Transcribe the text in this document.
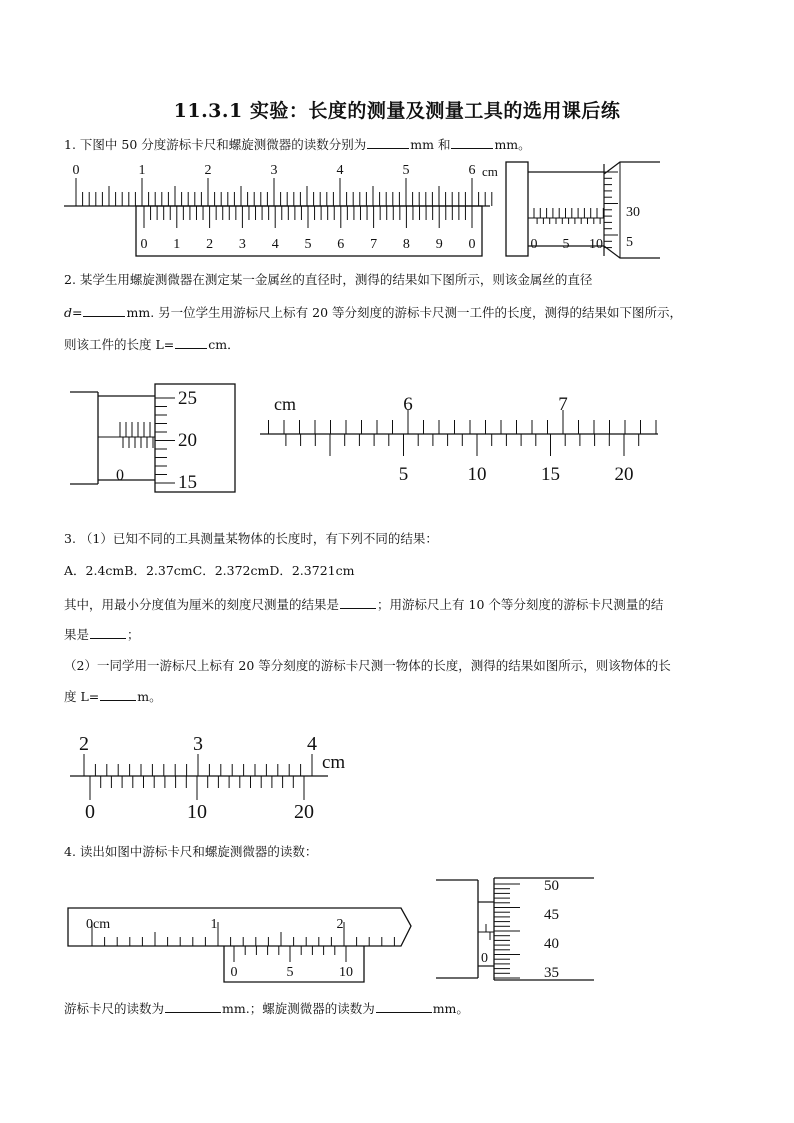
11.3.1 实验：长度的测量及测量工具的选用课后练
1. 下图中 50 分度游标卡尺和螺旋测微器的读数分别为	mm 和	mm。
0	1	2	3	4	5	6 cm
0 1 2 3 4 5 6 7 8 9 0	0 5 10
30
5
2. 某学生用螺旋测微器在测定某一金属丝的直径时，测得的结果如下图所示，则该金属丝的直径
d=	mm. 另一位学生用游标尺上标有 20 等分刻度的游标卡尺测一工件的长度，测得的结果如下图所示，
则该工件的长度 L=	cm．
0
25
20
15
cm	6	7
5	10	15	20
3. （1）已知不同的工具测量某物体的长度时，有下列不同的结果：
A．2.4cmB．2.37cmC．2.372cmD．2.3721cm
其中，用最小分度值为厘米的刻度尺测量的结果是	；用游标尺上有 10 个等分刻度的游标卡尺测量的结
果是	；
（2）一同学用一游标尺上标有 20 等分刻度的游标卡尺测一物体的长度，测得的结果如图所示，则该物体的长
度 L=	m。
2	3	4
cm
0	10	20
4. 读出如图中游标卡尺和螺旋测微器的读数：
0cm	1	2
0	5	10
0
50
45
40
35
游标卡尺的读数为	mm.；螺旋测微器的读数为	mm。
